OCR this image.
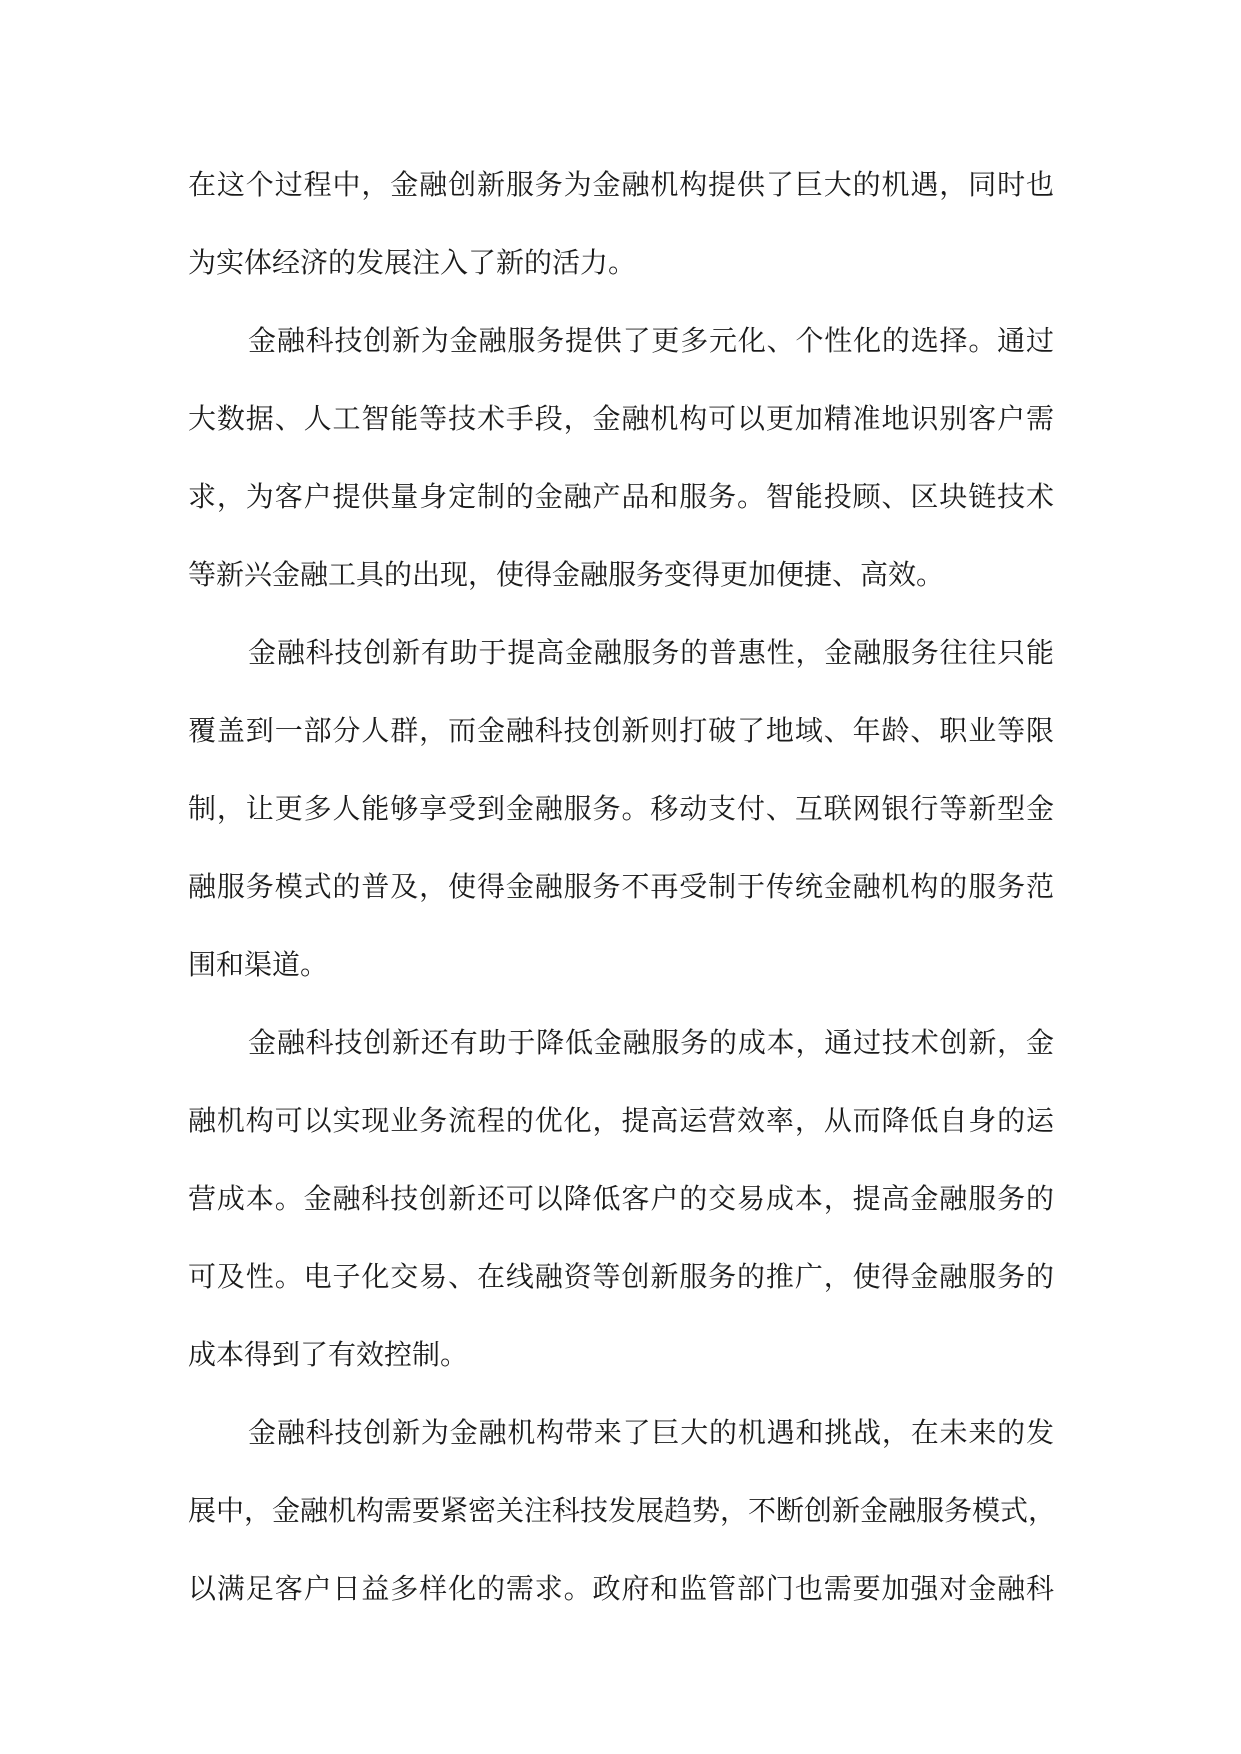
在这个过程中，金融创新服务为金融机构提供了巨大的机遇，同时也
为实体经济的发展注入了新的活力。
金融科技创新为金融服务提供了更多元化、个性化的选择。通过
大数据、人工智能等技术手段，金融机构可以更加精准地识别客户需
求，为客户提供量身定制的金融产品和服务。智能投顾、区块链技术
等新兴金融工具的出现，使得金融服务变得更加便捷、高效。
金融科技创新有助于提高金融服务的普惠性，金融服务往往只能
覆盖到一部分人群，而金融科技创新则打破了地域、年龄、职业等限
制，让更多人能够享受到金融服务。移动支付、互联网银行等新型金
融服务模式的普及，使得金融服务不再受制于传统金融机构的服务范
围和渠道。
金融科技创新还有助于降低金融服务的成本，通过技术创新，金
融机构可以实现业务流程的优化，提高运营效率，从而降低自身的运
营成本。金融科技创新还可以降低客户的交易成本，提高金融服务的
可及性。电子化交易、在线融资等创新服务的推广，使得金融服务的
成本得到了有效控制。
金融科技创新为金融机构带来了巨大的机遇和挑战，在未来的发
展中，金融机构需要紧密关注科技发展趋势，不断创新金融服务模式，
以满足客户日益多样化的需求。政府和监管部门也需要加强对金融科
